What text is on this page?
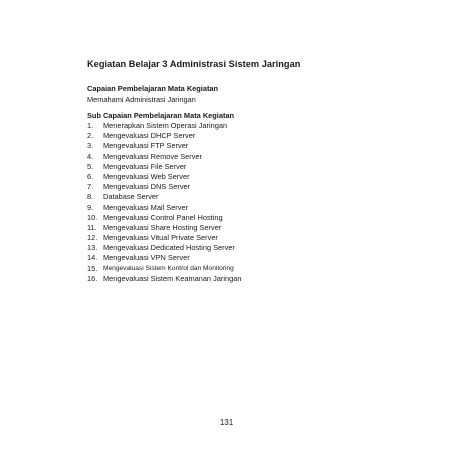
Kegiatan Belajar 3 Administrasi Sistem Jaringan
Capaian Pembelajaran Mata Kegiatan
Memahami Administrasi Jaringan
Sub Capaian Pembelajaran Mata Kegiatan
1.	Menerapkan Sistem Operasi Jaringan
2.	Mengevaluasi DHCP Server
3.	Mengevaluasi FTP Server
4.	Mengevaluasi Remove Server
5.	Mengevaluasi File Server
6.	Mengevaluasi Web Server
7.	Mengevaluasi DNS Server
8.	Database Server
9.	Mengevaluasi Mail Server
10. Mengevaluasi Control Panel Hosting
11. Mengevaluasi Share Hosting Server
12. Mengevaluasi Vitual Private Server
13. Mengevaluasi Dedicated Hosting Server
14. Mengevaluasi VPN Server
15. Mengevaluasi Sistem Kontrol dan Monitoring
16. Mengevaluasi Sistem Keamanan Jaringan
131
